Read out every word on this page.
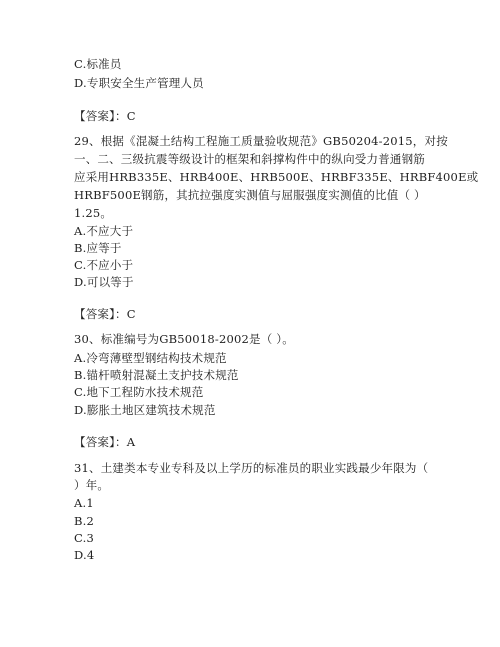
C.标准员
D.专职安全生产管理人员
【答案】：C
29、根据《混凝土结构工程施工质量验收规范》GB50204-2015，对按
一、二、三级抗震等级设计的框架和斜撑构件中的纵向受力普通钢筋
应采用HRB335E、HRB400E、HRB500E、HRBF335E、HRBF400E或
HRBF500E钢筋，其抗拉强度实测值与屈服强度实测值的比值（ ）
1.25。
A.不应大于
B.应等于
C.不应小于
D.可以等于
【答案】：C
30、标准编号为GB50018-2002是（ ）。
A.冷弯薄壁型钢结构技术规范
B.锚杆喷射混凝土支护技术规范
C.地下工程防水技术规范
D.膨胀土地区建筑技术规范
【答案】：A
31、土建类本专业专科及以上学历的标准员的职业实践最少年限为（
）年。
A.1
B.2
C.3
D.4
